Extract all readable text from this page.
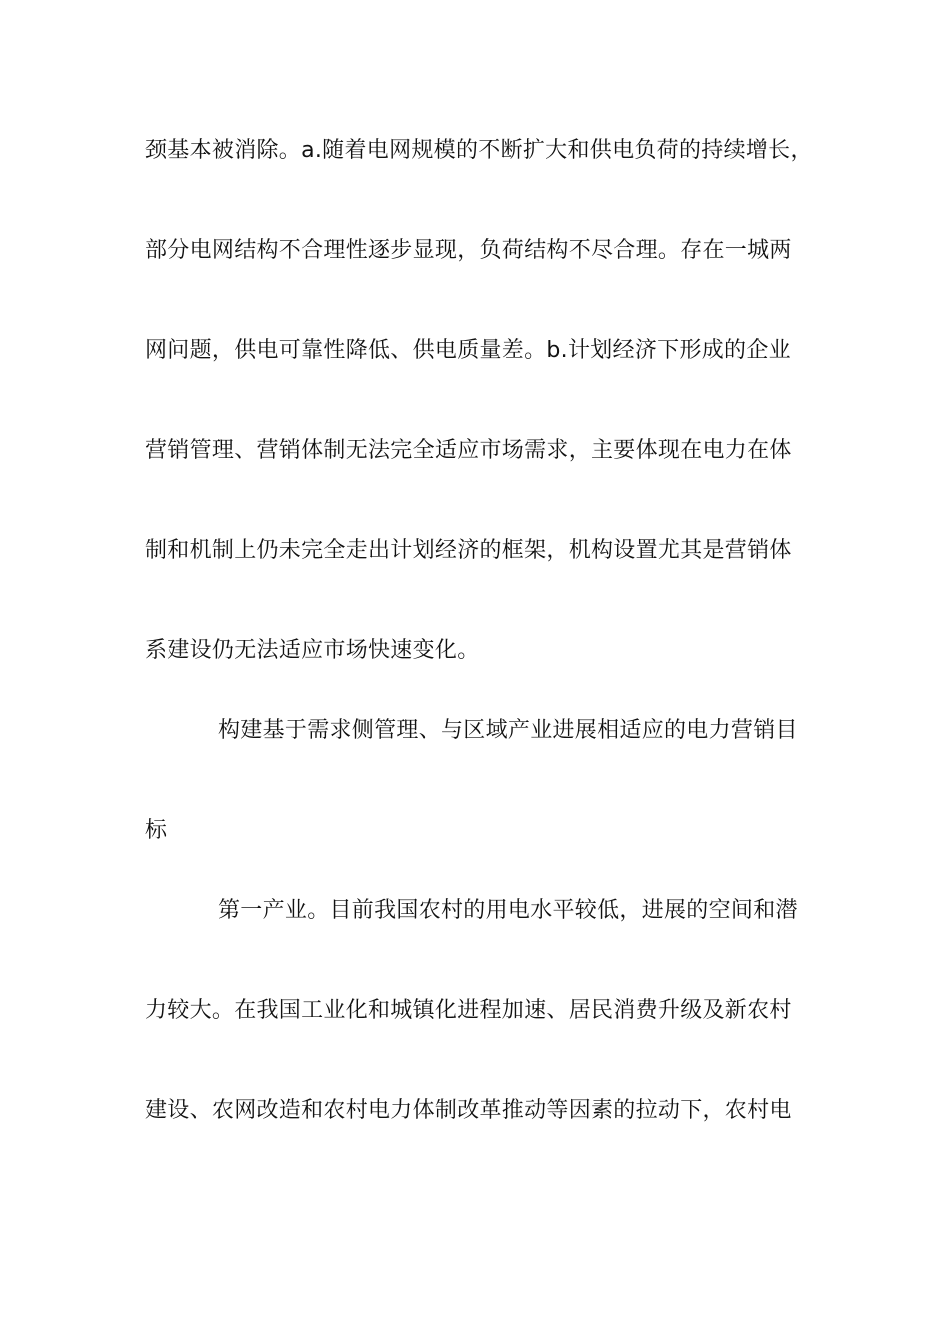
颈基本被消除。a.随着电网规模的不断扩大和供电负荷的持续增长，
部分电网结构不合理性逐步显现，负荷结构不尽合理。存在一城两
网问题，供电可靠性降低、供电质量差。b.计划经济下形成的企业
营销管理、营销体制无法完全适应市场需求，主要体现在电力在体
制和机制上仍未完全走出计划经济的框架，机构设置尤其是营销体
系建设仍无法适应市场快速变化。
构建基于需求侧管理、与区域产业进展相适应的电力营销目
标
第一产业。目前我国农村的用电水平较低，进展的空间和潜
力较大。在我国工业化和城镇化进程加速、居民消费升级及新农村
建设、农网改造和农村电力体制改革推动等因素的拉动下，农村电
